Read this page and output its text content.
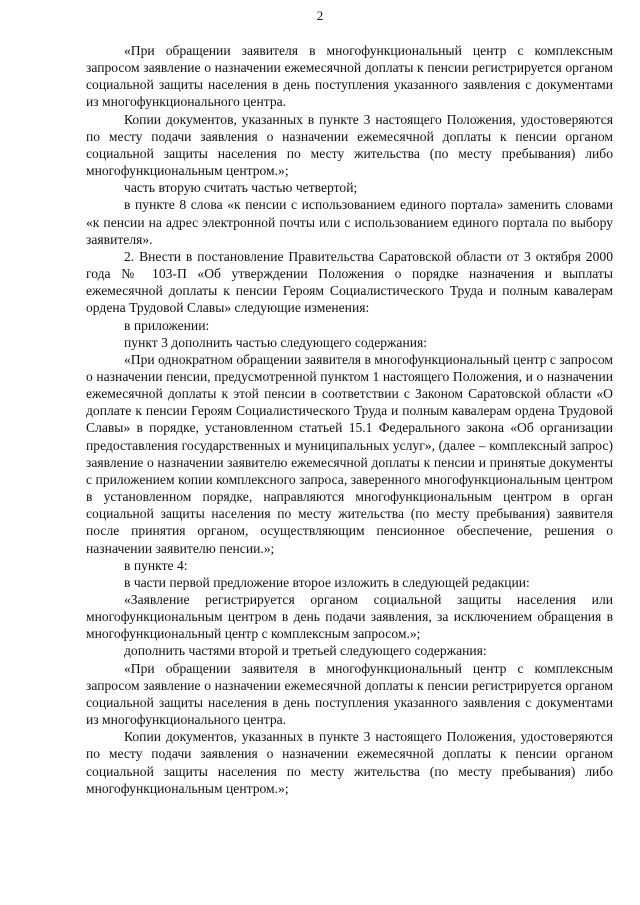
2

«При обращении заявителя в многофункциональный центр с комплексным запросом заявление о назначении ежемесячной доплаты к пенсии регистрируется органом социальной защиты населения в день поступления указанного заявления с документами из многофункционального центра.

Копии документов, указанных в пункте 3 настоящего Положения, удостоверяются по месту подачи заявления о назначении ежемесячной доплаты к пенсии органом социальной защиты населения по месту жительства (по месту пребывания) либо многофункциональным центром.»;

часть вторую считать частью четвертой;

в пункте 8 слова «к пенсии с использованием единого портала» заменить словами «к пенсии на адрес электронной почты или с использованием единого портала по выбору заявителя».

2. Внести в постановление Правительства Саратовской области от 3 октября 2000 года № 103-П «Об утверждении Положения о порядке назначения и выплаты ежемесячной доплаты к пенсии Героям Социалистического Труда и полным кавалерам ордена Трудовой Славы» следующие изменения:

в приложении:

пункт 3 дополнить частью следующего содержания:

«При однократном обращении заявителя в многофункциональный центр с запросом о назначении пенсии, предусмотренной пунктом 1 настоящего Положения, и о назначении ежемесячной доплаты к этой пенсии в соответствии с Законом Саратовской области «О доплате к пенсии Героям Социалистического Труда и полным кавалерам ордена Трудовой Славы» в порядке, установленном статьей 15.1 Федерального закона «Об организации предоставления государственных и муниципальных услуг», (далее – комплексный запрос) заявление о назначении заявителю ежемесячной доплаты к пенсии и принятые документы с приложением копии комплексного запроса, заверенного многофункциональным центром в установленном порядке, направляются многофункциональным центром в орган социальной защиты населения по месту жительства (по месту пребывания) заявителя после принятия органом, осуществляющим пенсионное обеспечение, решения о назначении заявителю пенсии.»;

в пункте 4:

в части первой предложение второе изложить в следующей редакции:

«Заявление регистрируется органом социальной защиты населения или многофункциональным центром в день подачи заявления, за исключением обращения в многофункциональный центр с комплексным запросом.»;

дополнить частями второй и третьей следующего содержания:

«При обращении заявителя в многофункциональный центр с комплексным запросом заявление о назначении ежемесячной доплаты к пенсии регистрируется органом социальной защиты населения в день поступления указанного заявления с документами из многофункционального центра.

Копии документов, указанных в пункте 3 настоящего Положения, удостоверяются по месту подачи заявления о назначении ежемесячной доплаты к пенсии органом социальной защиты населения по месту жительства (по месту пребывания) либо многофункциональным центром.»;
